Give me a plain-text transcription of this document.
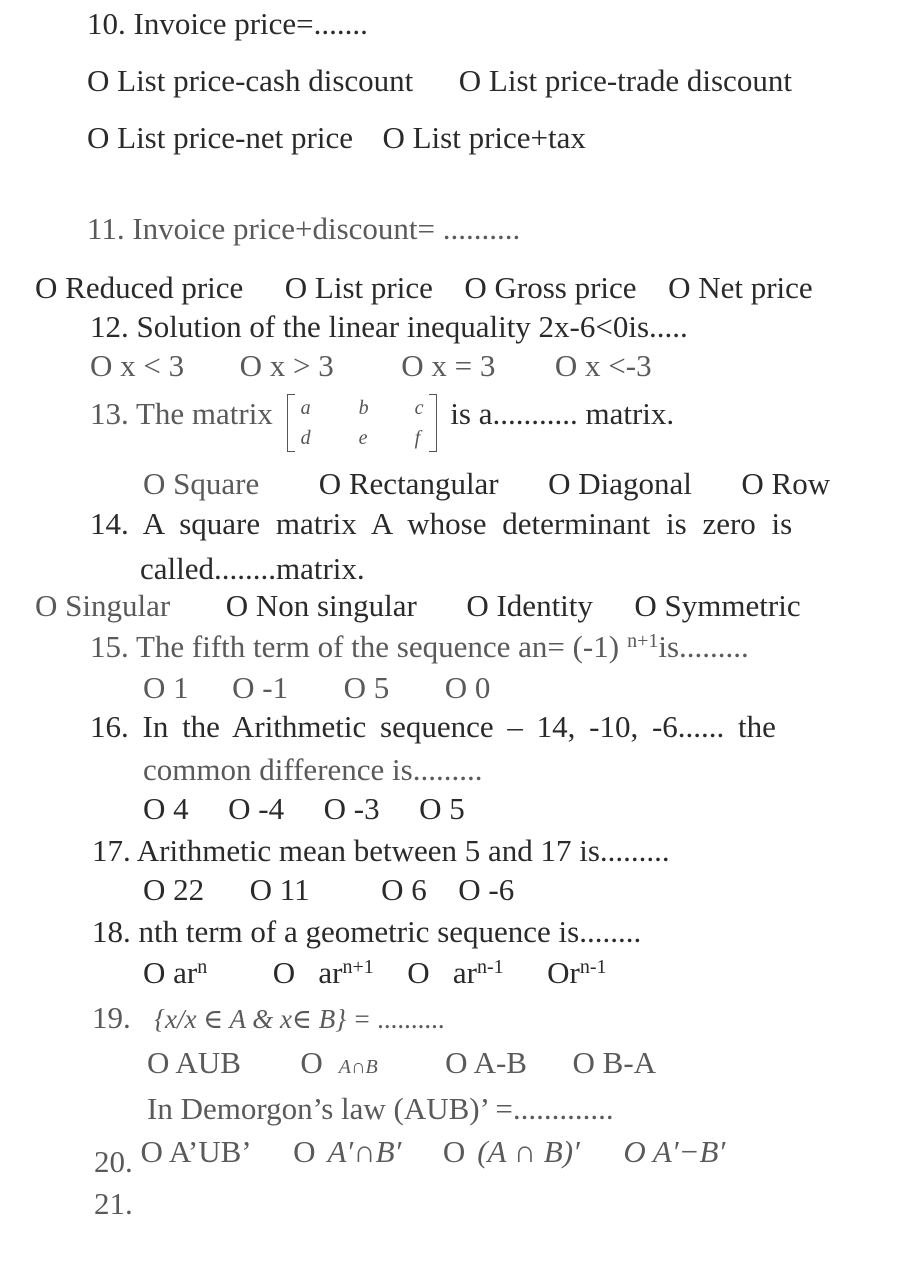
10. Invoice price=.......
O List price-cash discount O List price-trade discount
O List price-net price O List price+tax
11. Invoice price+discount= ..........
O Reduced price O List price O Gross price O Net price
12. Solution of the linear inequality 2x-6<0is.....
O x < 3 O x > 3 O x = 3 O x <-3
13. The matrix a b c
d e f
is a........... matrix.
O Square O Rectangular O Diagonal O Row
14. A square matrix A whose determinant is zero is
called........matrix.
O Singular O Non singular O Identity O Symmetric
15. The fifth term of the sequence an= (-1) $^{n+1}$is.........
O 1 O -1 O 5 O 0
16. In the Arithmetic sequence – 14, -10, -6...... the
common difference is.........
O 4 O -4 O -3 O 5
17. Arithmetic mean between 5 and 17 is.........
O 22 O 11 O 6 O -6
18. nth term of a geometric sequence is........
O $ar^n$ O   $ar^{n+1}$ O   $ar^{n-1}$ Or$^{n-1}$
19. {x/x ∈ A & x∈ B} = ..........
O AUB O A∩B O A-B O B-A
In Demorgon’s law (AUB)’ =.............
20. O A’UB’ O A′∩B′ O (A ∩ B)′ O A′−B′
21.
